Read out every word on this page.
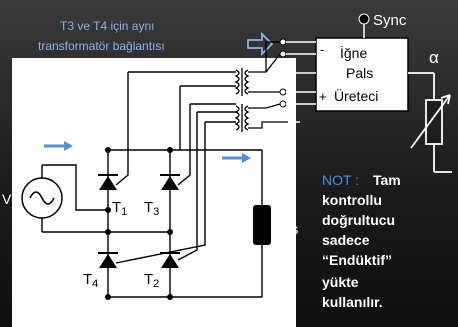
T3 ve T4 için aynı
transformatör bağlantısı	İğne
Pals
Üreteci
-
+
Sync
α
$T_1$ $T_3$
$T_4$	$T_2$
V
+
Vs
-
NOT : Tam
kontrollu
doğrultucu
sadece
“Endüktif”
yükte
kullanılır.
